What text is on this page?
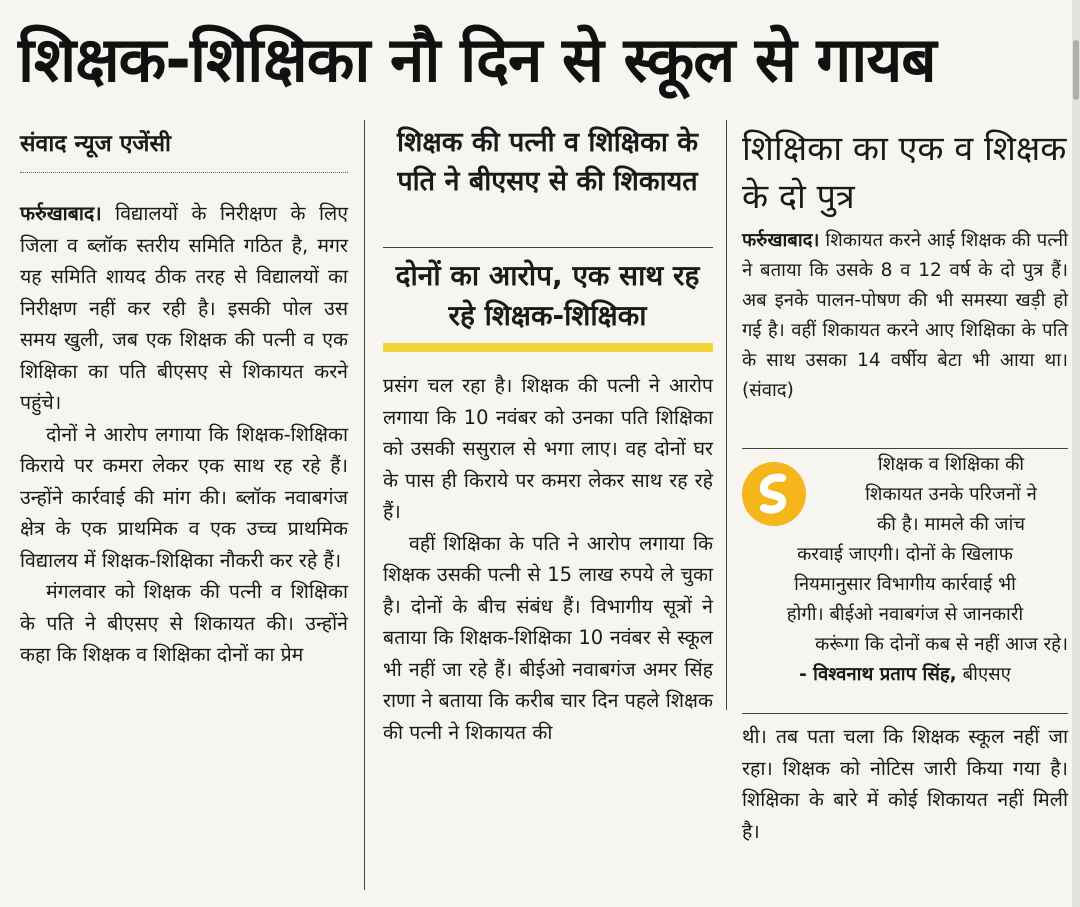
शिक्षक-शिक्षिका नौ दिन से स्कूल से गायब
संवाद न्यूज एजेंसी

फर्रुखाबाद। विद्यालयों के निरीक्षण के लिए जिला व ब्लॉक स्तरीय समिति गठित है, मगर यह समिति शायद ठीक तरह से विद्यालयों का निरीक्षण नहीं कर रही है। इसकी पोल उस समय खुली, जब एक शिक्षक की पत्नी व एक शिक्षिका का पति बीएसए से शिकायत करने पहुंचे।

दोनों ने आरोप लगाया कि शिक्षक-शिक्षिका किराये पर कमरा लेकर एक साथ रह रहे हैं। उन्होंने कार्रवाई की मांग की। ब्लॉक नवाबगंज क्षेत्र के एक प्राथमिक व एक उच्च प्राथमिक विद्यालय में शिक्षक-शिक्षिका नौकरी कर रहे हैं।

मंगलवार को शिक्षक की पत्नी व शिक्षिका के पति ने बीएसए से शिकायत की। उन्होंने कहा कि शिक्षक व शिक्षिका दोनों का प्रेम

शिक्षक की पत्नी व शिक्षिका के पति ने बीएसए से की शिकायत
दोनों का आरोप, एक साथ रह रहे शिक्षक-शिक्षिका

प्रसंग चल रहा है। शिक्षक की पत्नी ने आरोप लगाया कि 10 नवंबर को उनका पति शिक्षिका को उसकी ससुराल से भगा लाए। वह दोनों घर के पास ही किराये पर कमरा लेकर साथ रह रहे हैं।

वहीं शिक्षिका के पति ने आरोप लगाया कि शिक्षक उसकी पत्नी से 15 लाख रुपये ले चुका है। दोनों के बीच संबंध हैं। विभागीय सूत्रों ने बताया कि शिक्षक-शिक्षिका 10 नवंबर से स्कूल भी नहीं जा रहे हैं। बीईओ नवाबगंज अमर सिंह राणा ने बताया कि करीब चार दिन पहले शिक्षक की पत्नी ने शिकायत की

शिक्षिका का एक व शिक्षक के दो पुत्र

फर्रुखाबाद। शिकायत करने आई शिक्षक की पत्नी ने बताया कि उसके 8 व 12 वर्ष के दो पुत्र हैं। अब इनके पालन-पोषण की भी समस्या खड़ी हो गई है। वहीं शिकायत करने आए शिक्षिका के पति के साथ उसका 14 वर्षीय बेटा भी आया था। (संवाद)

शिक्षक व शिक्षिका की
शिकायत उनके परिजनों ने
की है। मामले की जांच
करवाई जाएगी। दोनों के खिलाफ
नियमानुसार विभागीय कार्रवाई भी
होगी। बीईओ नवाबगंज से जानकारी
करूंगा कि दोनों कब से नहीं आज रहे।
- विश्वनाथ प्रताप सिंह, बीएसए

थी। तब पता चला कि शिक्षक स्कूल नहीं जा रहा। शिक्षक को नोटिस जारी किया गया है। शिक्षिका के बारे में कोई शिकायत नहीं मिली है।
